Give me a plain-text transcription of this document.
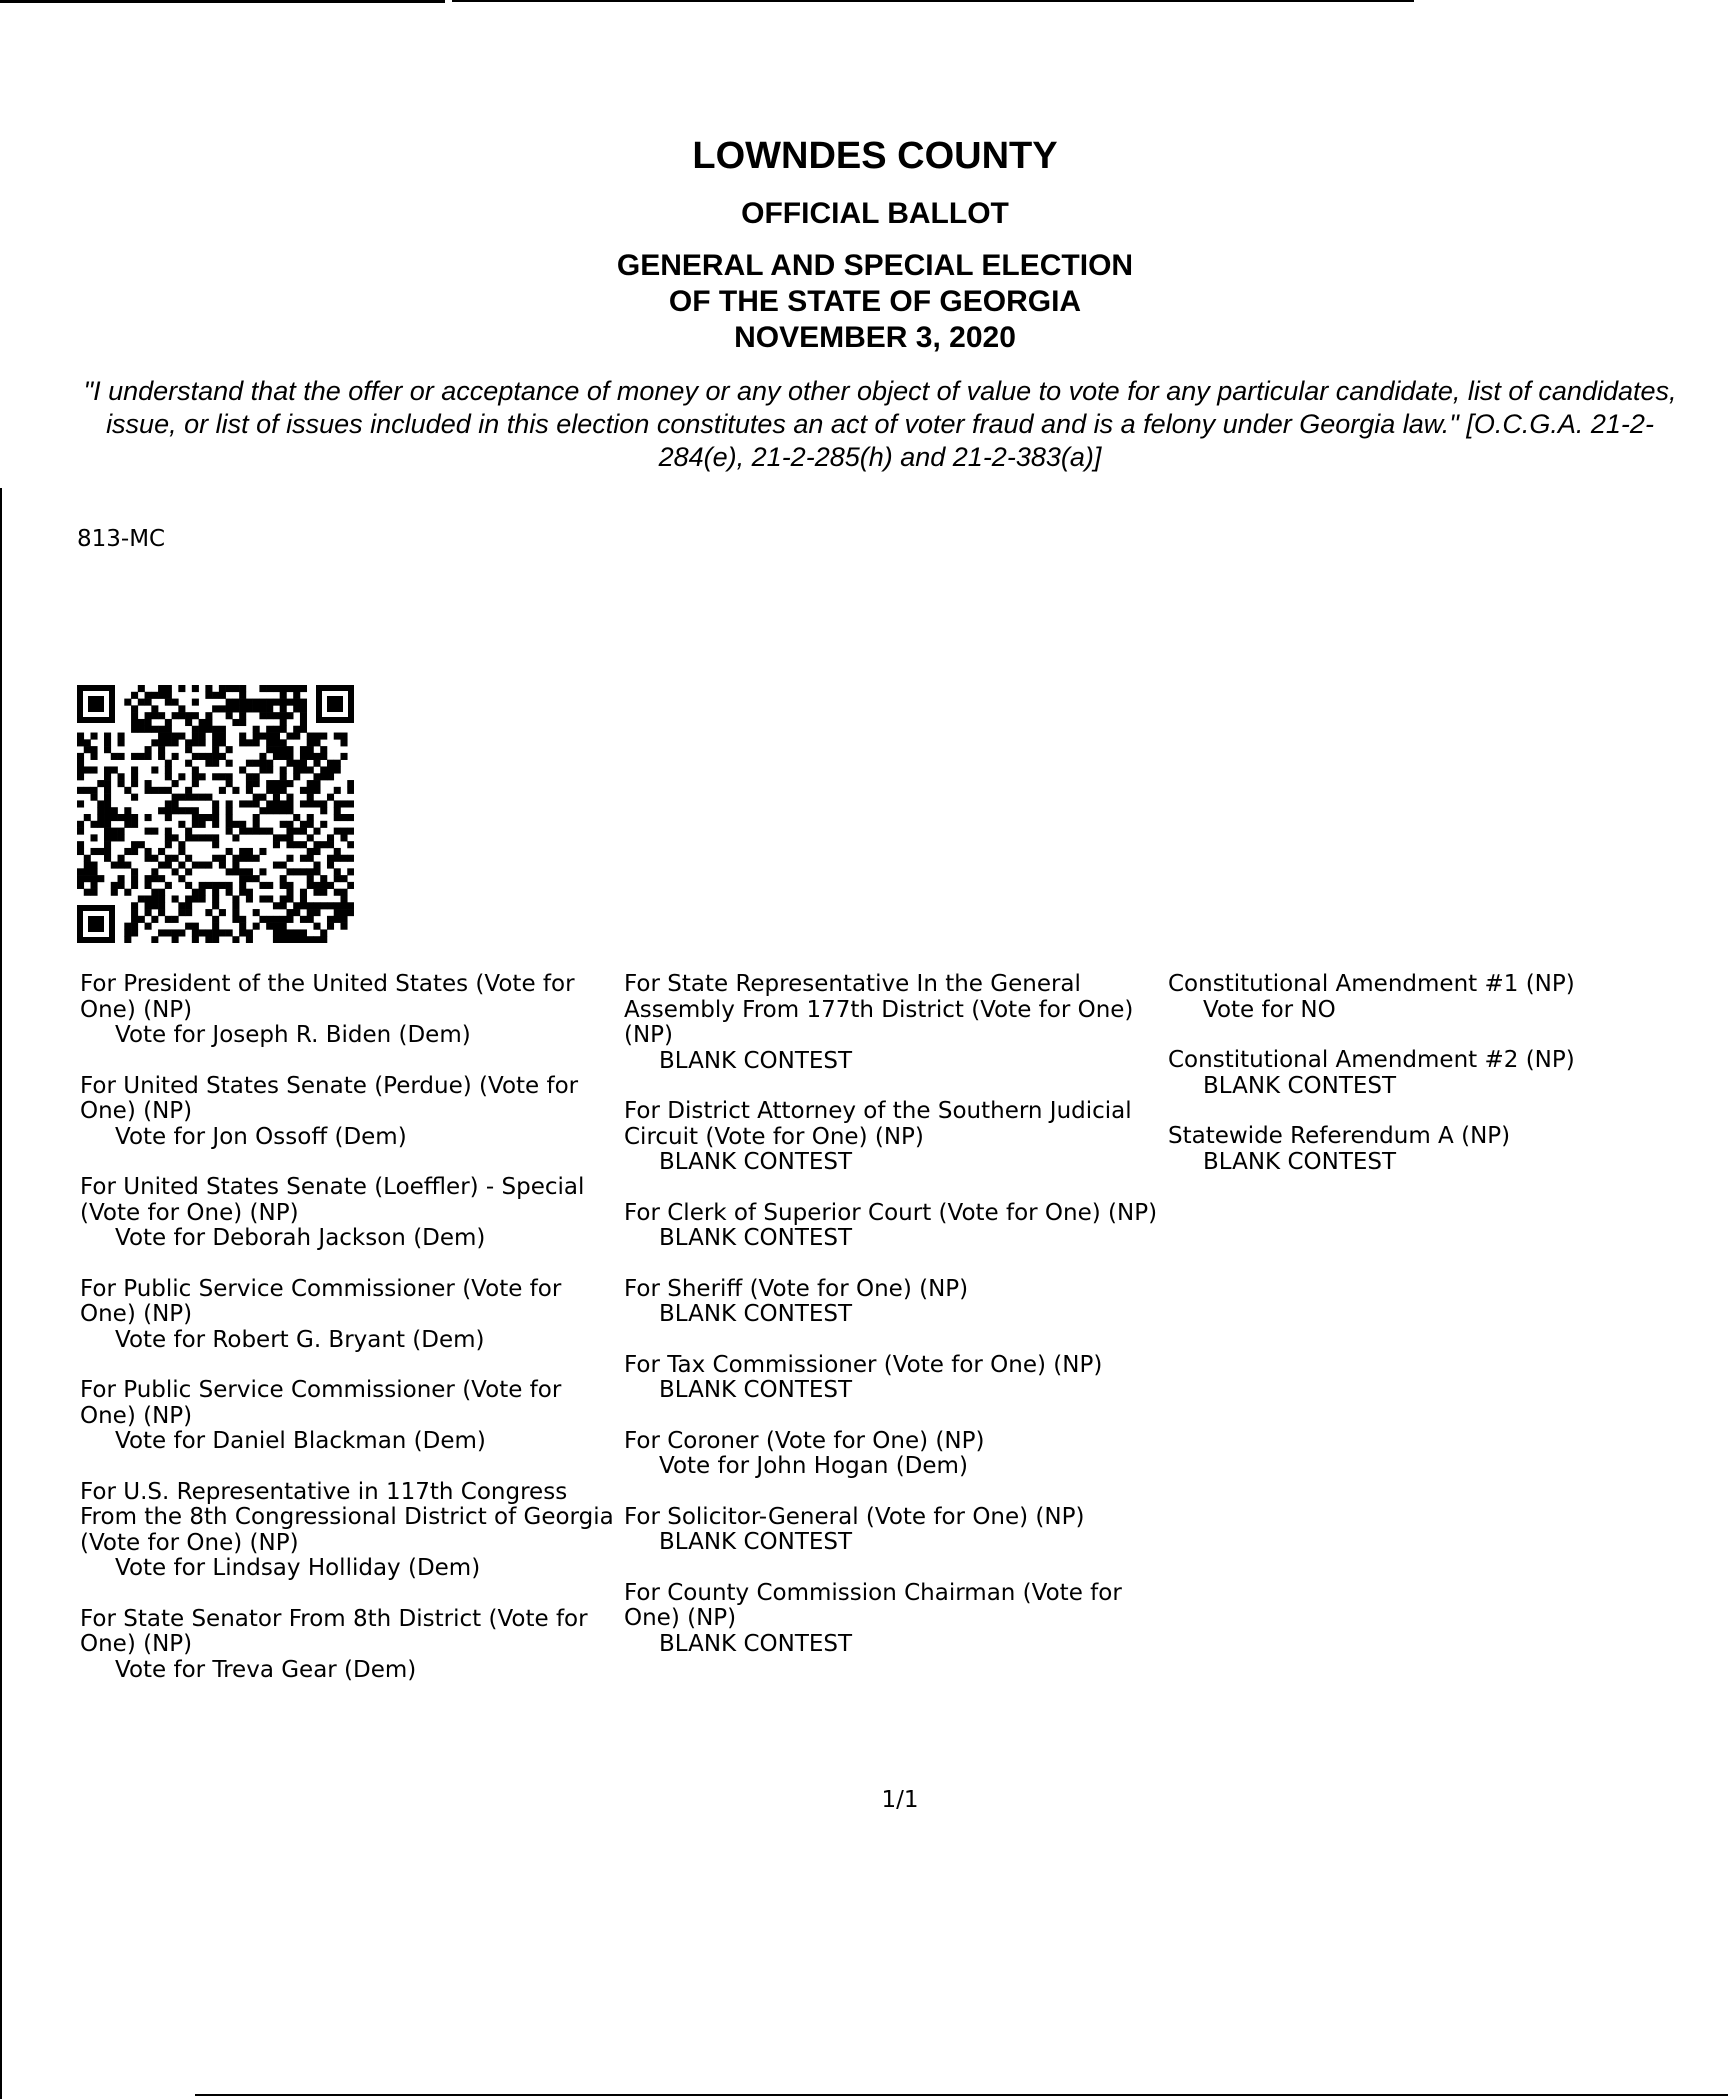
LOWNDES COUNTY
OFFICIAL BALLOT
GENERAL AND SPECIAL ELECTION
OF THE STATE OF GEORGIA
NOVEMBER 3, 2020
"I understand that the offer or acceptance of money or any other object of value to vote for any particular candidate, list of candidates, issue, or list of issues included in this election constitutes an act of voter fraud and is a felony under Georgia law." [O.C.G.A. 21-2-284(e), 21-2-285(h) and 21-2-383(a)]
813-MC
For President of the United States (Vote for One) (NP)
Vote for Joseph R. Biden (Dem)
For United States Senate (Perdue) (Vote for One) (NP)
Vote for Jon Ossoff (Dem)
For United States Senate (Loeffler) - Special (Vote for One) (NP)
Vote for Deborah Jackson (Dem)
For Public Service Commissioner (Vote for One) (NP)
Vote for Robert G. Bryant (Dem)
For Public Service Commissioner (Vote for One) (NP)
Vote for Daniel Blackman (Dem)
For U.S. Representative in 117th Congress From the 8th Congressional District of Georgia (Vote for One) (NP)
Vote for Lindsay Holliday (Dem)
For State Senator From 8th District (Vote for One) (NP)
Vote for Treva Gear (Dem)
For State Representative In the General Assembly From 177th District (Vote for One) (NP)
BLANK CONTEST
For District Attorney of the Southern Judicial Circuit (Vote for One) (NP)
BLANK CONTEST
For Clerk of Superior Court (Vote for One) (NP)
BLANK CONTEST
For Sheriff (Vote for One) (NP)
BLANK CONTEST
For Tax Commissioner (Vote for One) (NP)
BLANK CONTEST
For Coroner (Vote for One) (NP)
Vote for John Hogan (Dem)
For Solicitor-General (Vote for One) (NP)
BLANK CONTEST
For County Commission Chairman (Vote for One) (NP)
BLANK CONTEST
Constitutional Amendment #1 (NP)
Vote for NO
Constitutional Amendment #2 (NP)
BLANK CONTEST
Statewide Referendum A (NP)
BLANK CONTEST
1/1
